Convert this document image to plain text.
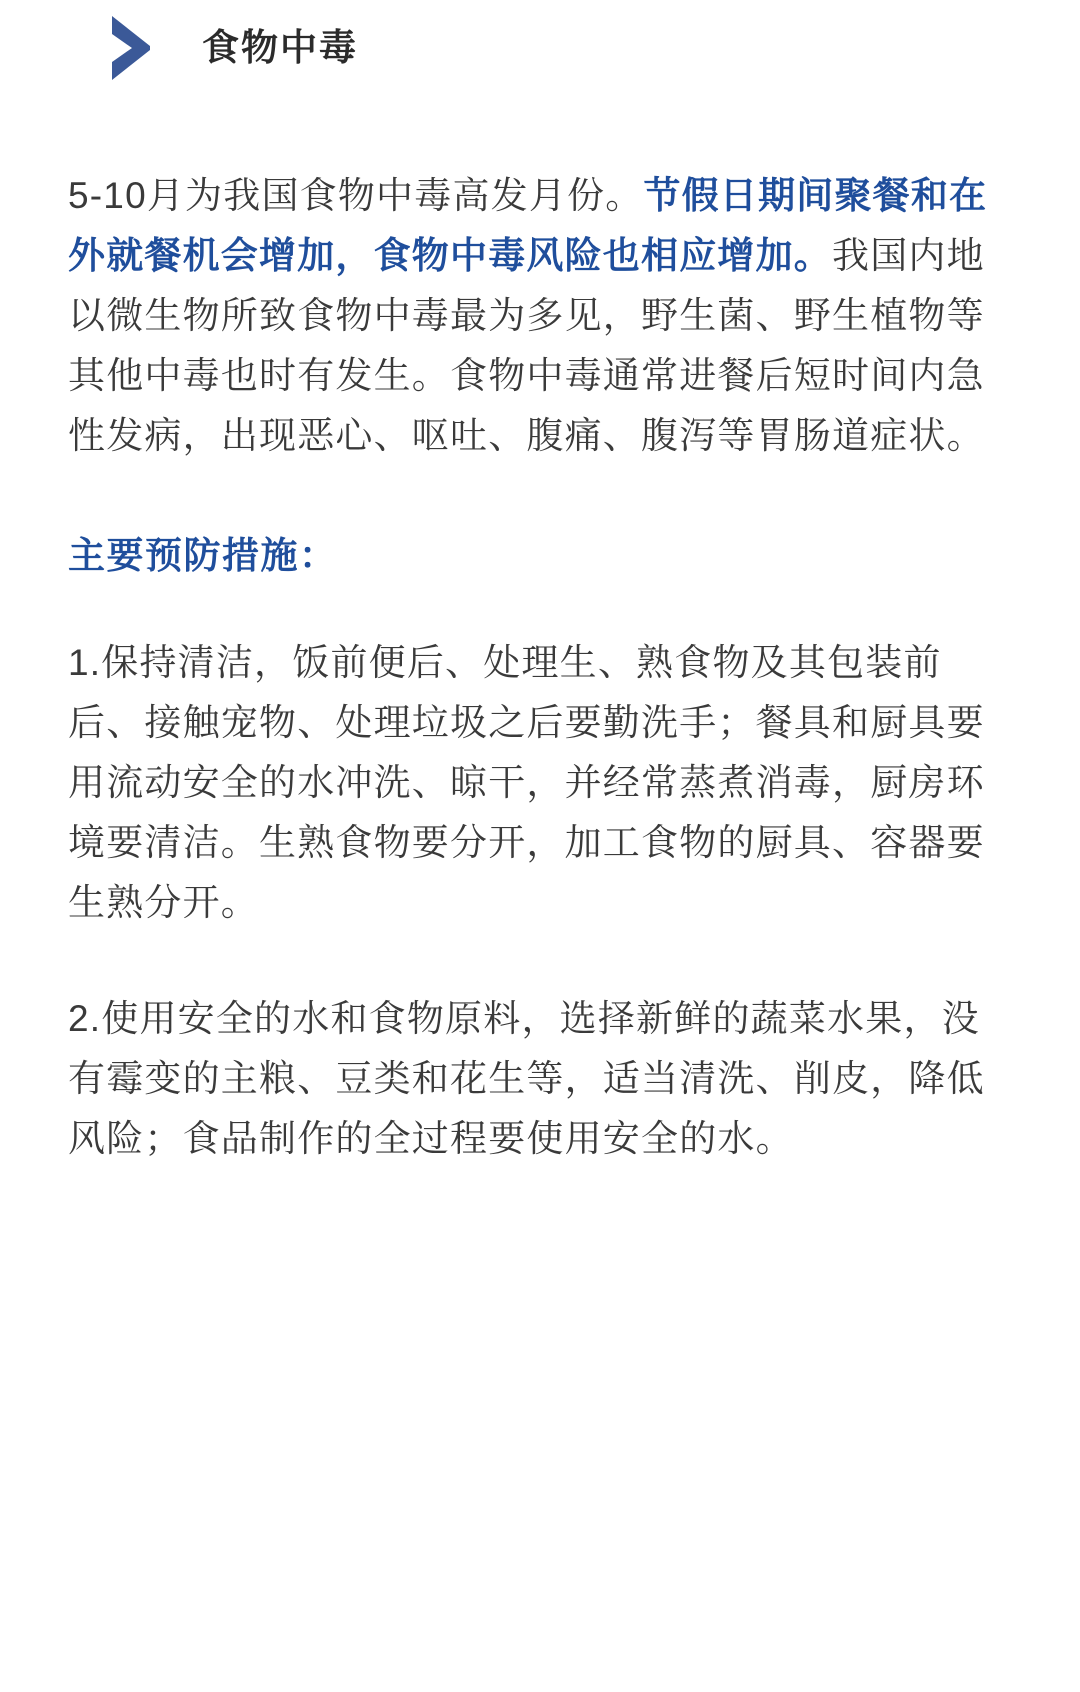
食物中毒

5-10月为我国食物中毒高发月份。节假日期间聚餐和在外就餐机会增加，食物中毒风险也相应增加。我国内地以微生物所致食物中毒最为多见，野生菌、野生植物等其他中毒也时有发生。食物中毒通常进餐后短时间内急性发病，出现恶心、呕吐、腹痛、腹泻等胃肠道症状。

主要预防措施：

1.保持清洁，饭前便后、处理生、熟食物及其包装前后、接触宠物、处理垃圾之后要勤洗手；餐具和厨具要用流动安全的水冲洗、晾干，并经常蒸煮消毒，厨房环境要清洁。生熟食物要分开，加工食物的厨具、容器要生熟分开。

2.使用安全的水和食物原料，选择新鲜的蔬菜水果，没有霉变的主粮、豆类和花生等，适当清洗、削皮，降低风险；食品制作的全过程要使用安全的水。
